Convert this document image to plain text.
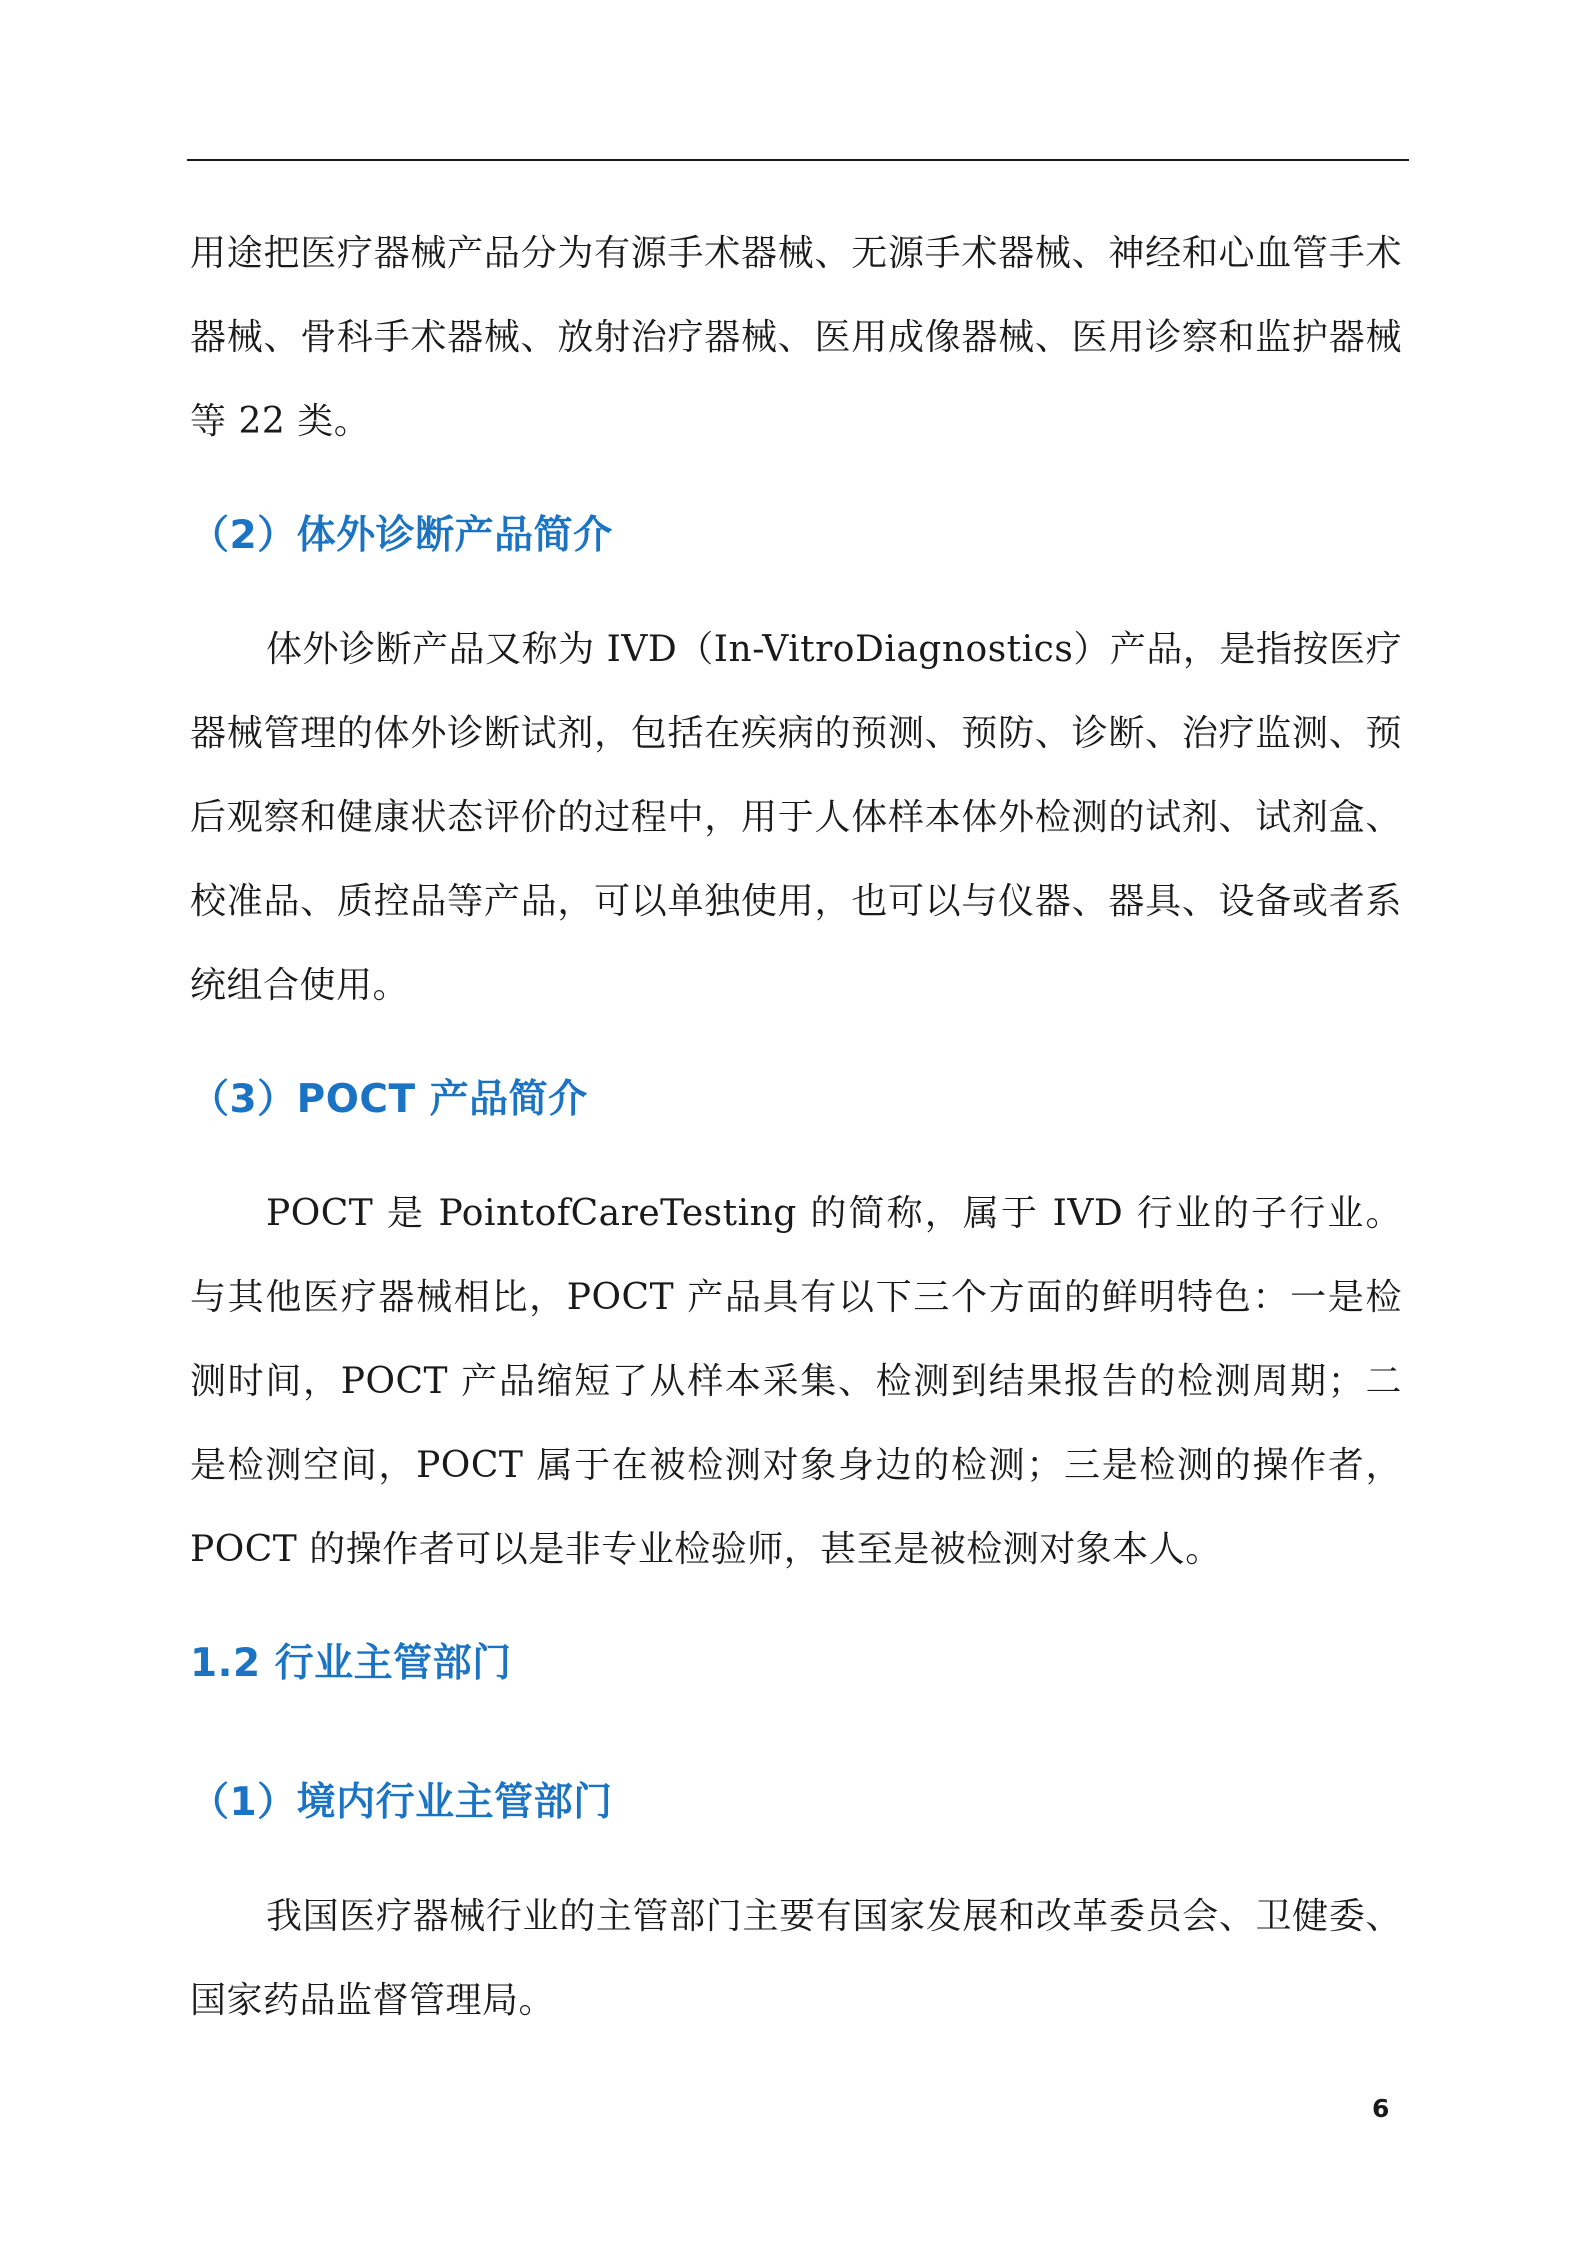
用途把医疗器械产品分为有源手术器械、无源手术器械、神经和心血管手术器械、骨科手术器械、放射治疗器械、医用成像器械、医用诊察和监护器械等 22 类。

（2）体外诊断产品简介

体外诊断产品又称为 IVD（In-VitroDiagnostics）产品，是指按医疗器械管理的体外诊断试剂，包括在疾病的预测、预防、诊断、治疗监测、预后观察和健康状态评价的过程中，用于人体样本体外检测的试剂、试剂盒、校准品、质控品等产品，可以单独使用，也可以与仪器、器具、设备或者系统组合使用。

（3）POCT 产品简介

POCT 是 PointofCareTesting 的简称，属于 IVD 行业的子行业。与其他医疗器械相比，POCT 产品具有以下三个方面的鲜明特色：一是检测时间，POCT 产品缩短了从样本采集、检测到结果报告的检测周期；二是检测空间，POCT 属于在被检测对象身边的检测；三是检测的操作者，POCT 的操作者可以是非专业检验师，甚至是被检测对象本人。

1.2 行业主管部门
（1）境内行业主管部门

我国医疗器械行业的主管部门主要有国家发展和改革委员会、卫健委、国家药品监督管理局。

6
